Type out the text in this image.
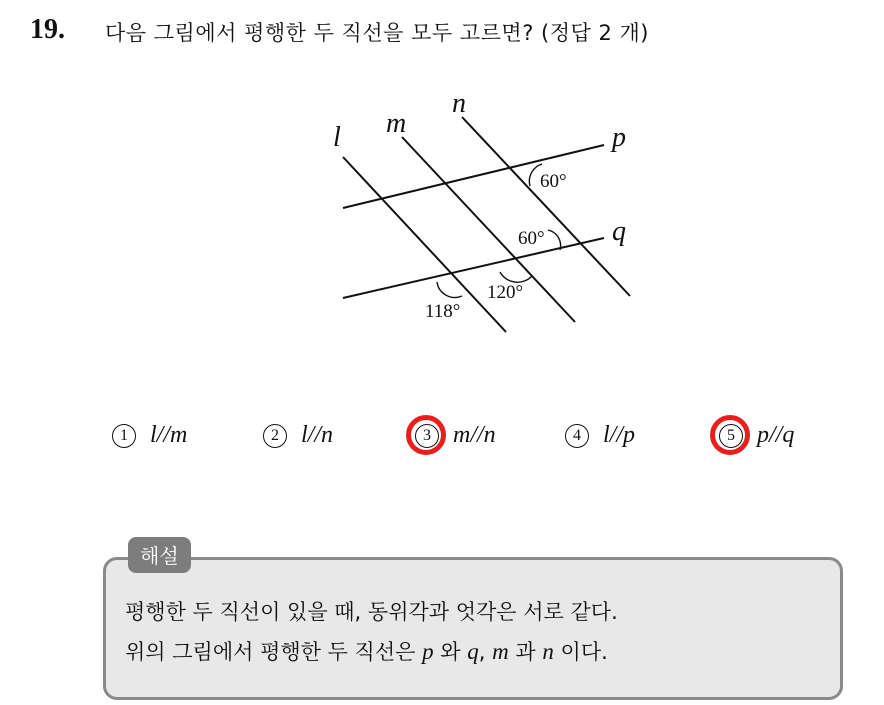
19. 다음 그림에서 평행한 두 직선을 모두 고르면? (정답 2 개)
l m
n
p
q
60°
60°
120°
118°
1 l//m	2 l//n	3 m//n	4 l//p	5 p//q
해설
평행한 두 직선이 있을 때, 동위각과 엇각은 서로 같다.
위의 그림에서 평행한 두 직선은 p 와 q, m 과 n 이다.
